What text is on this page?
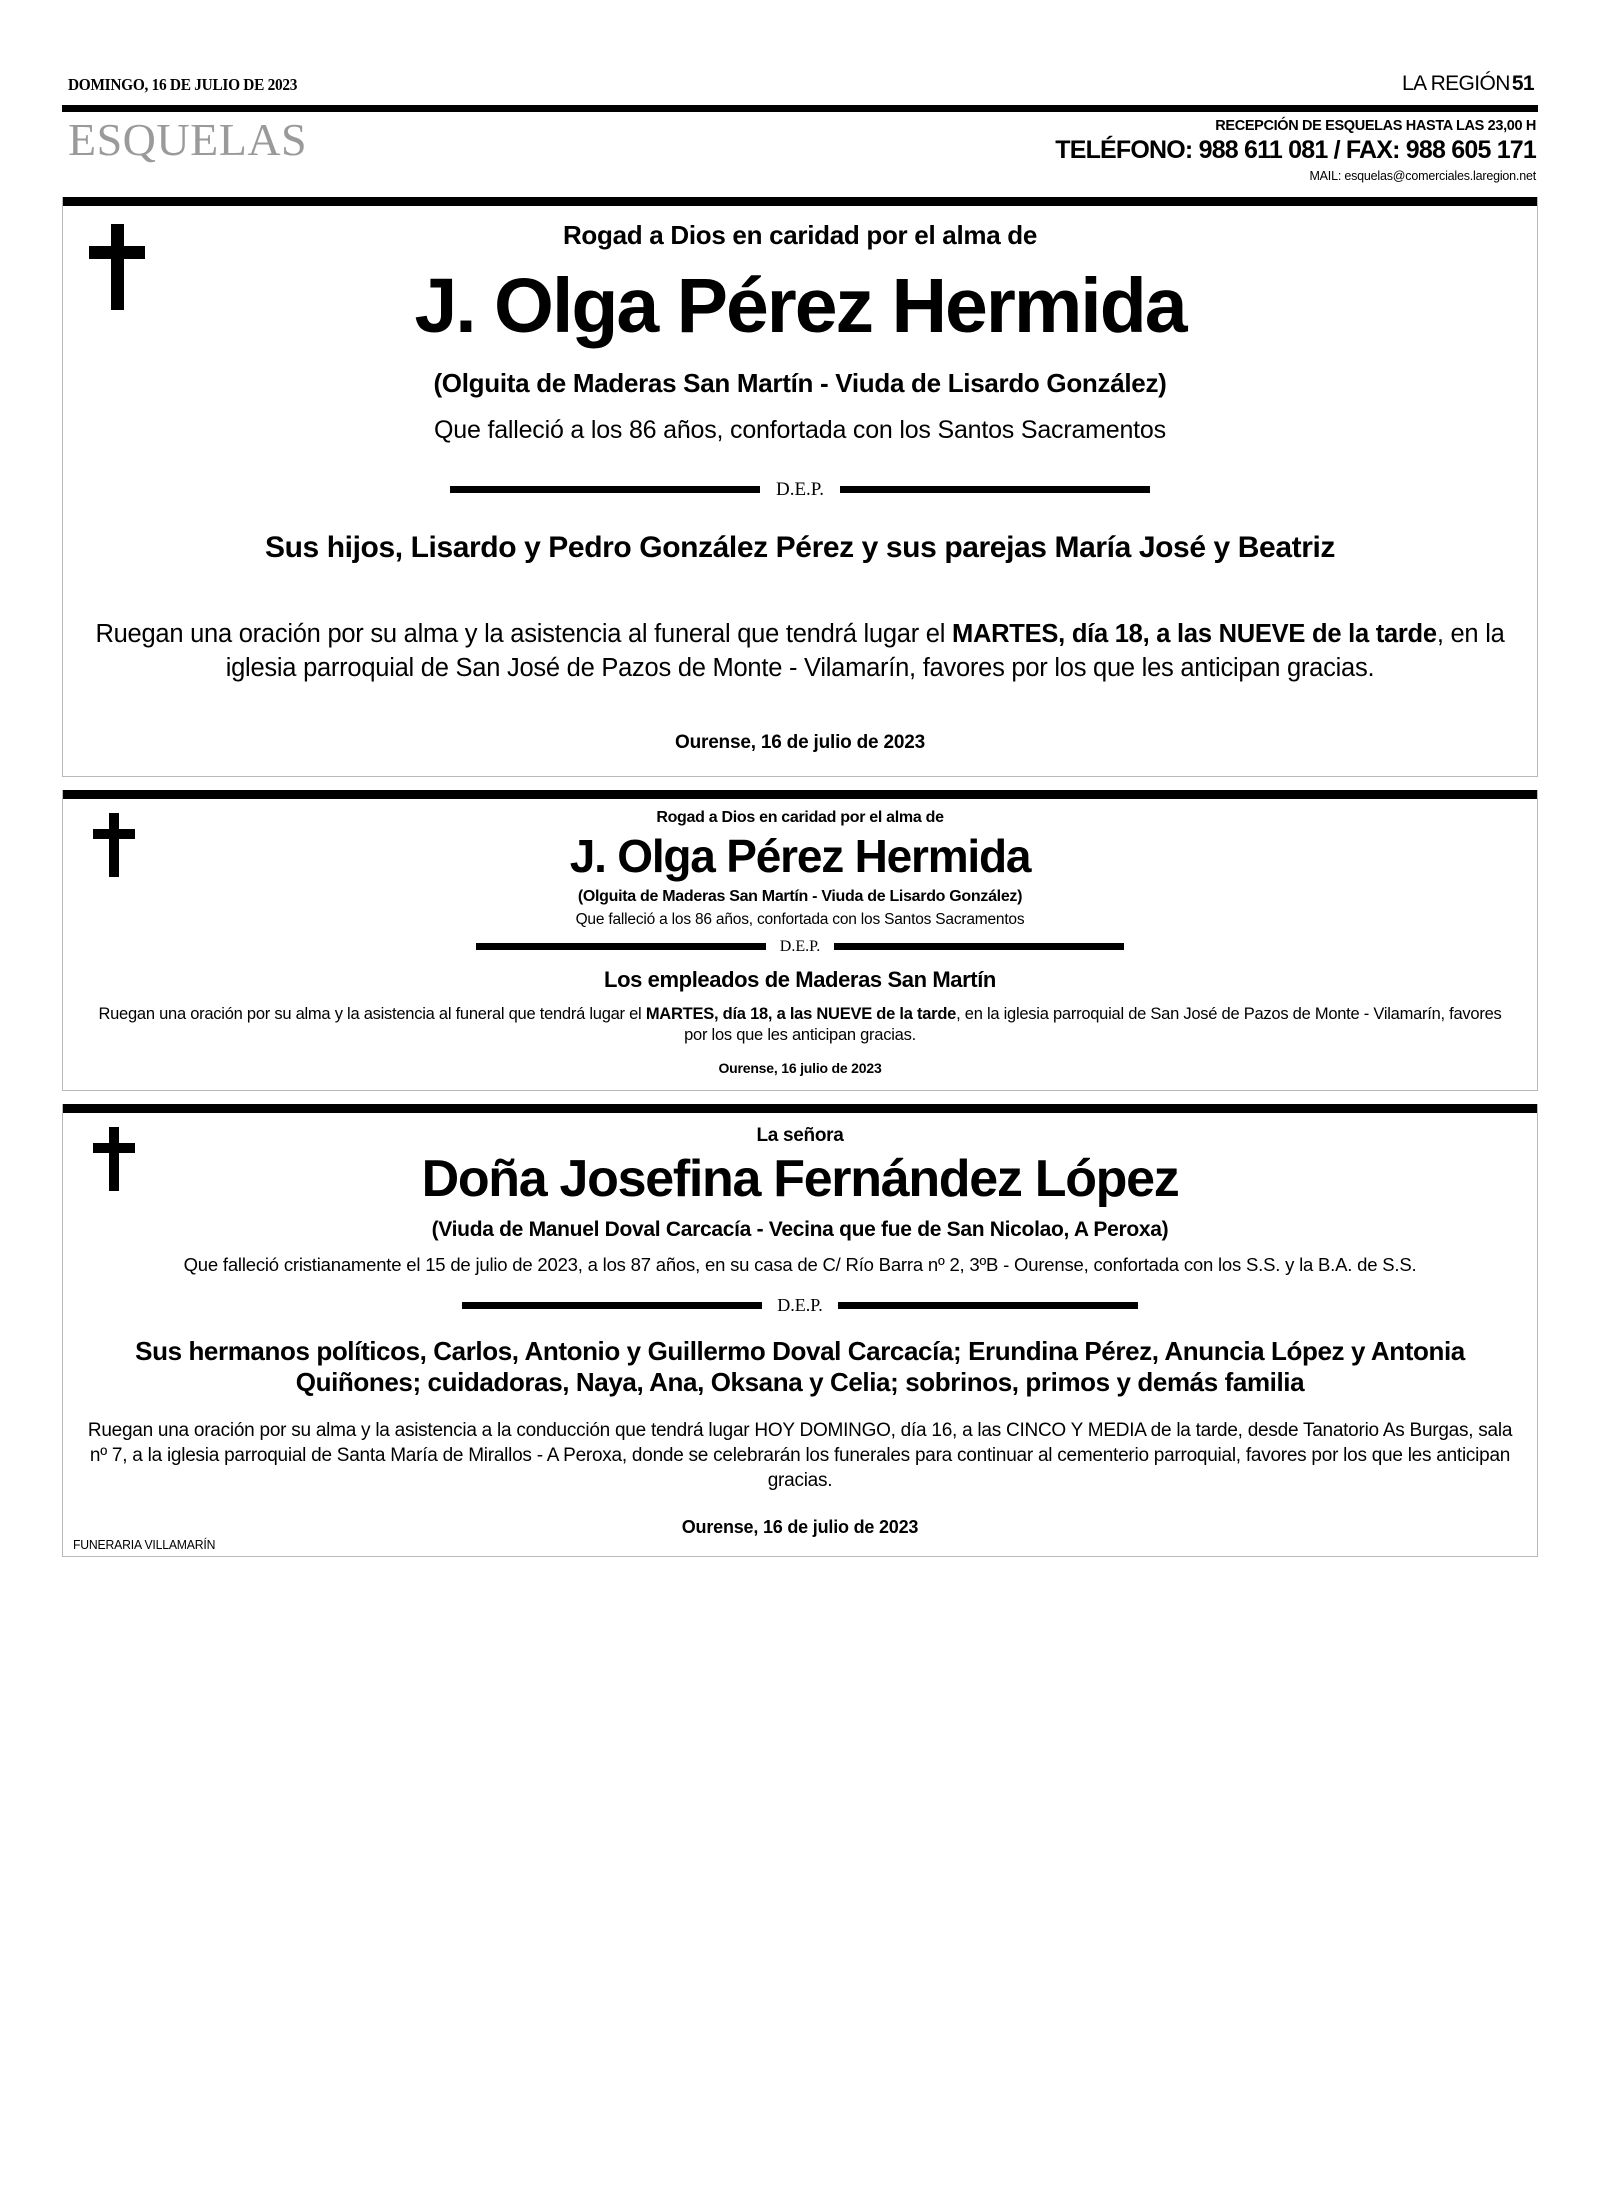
DOMINGO, 16 DE JULIO DE 2023	LA REGIÓN51
ESQUELAS	RECEPCIÓN DE ESQUELAS HASTA LAS 23,00 H
TELÉFONO: 988 611 081 / FAX: 988 605 171
MAIL: esquelas@comerciales.laregion.net
Rogad a Dios en caridad por el alma de
J. Olga Pérez Hermida
(Olguita de Maderas San Martín - Viuda de Lisardo González)
Que falleció a los 86 años, confortada con los Santos Sacramentos
D.E.P.
Sus hijos, Lisardo y Pedro González Pérez y sus parejas María José y Beatriz
Ruegan una oración por su alma y la asistencia al funeral que tendrá lugar el MARTES, día 18, a las NUEVE de la tarde, en la iglesia parroquial de San José de Pazos de Monte - Vilamarín, favores por los que les anticipan gracias.
Ourense, 16 de julio de 2023
Rogad a Dios en caridad por el alma de
J. Olga Pérez Hermida
(Olguita de Maderas San Martín - Viuda de Lisardo González)
Que falleció a los 86 años, confortada con los Santos Sacramentos
D.E.P.
Los empleados de Maderas San Martín
Ruegan una oración por su alma y la asistencia al funeral que tendrá lugar el MARTES, día 18, a las NUEVE de la tarde, en la iglesia parroquial de San José de Pazos de Monte - Vilamarín, favores por los que les anticipan gracias.
Ourense, 16 julio de 2023
La señora
Doña Josefina Fernández López
(Viuda de Manuel Doval Carcacía - Vecina que fue de San Nicolao, A Peroxa)
Que falleció cristianamente el 15 de julio de 2023, a los 87 años, en su casa de C/ Río Barra nº 2, 3ºB - Ourense, confortada con los S.S. y la B.A. de S.S.
D.E.P.
Sus hermanos políticos, Carlos, Antonio y Guillermo Doval Carcacía; Erundina Pérez, Anuncia López y Antonia Quiñones; cuidadoras, Naya, Ana, Oksana y Celia; sobrinos, primos y demás familia
Ruegan una oración por su alma y la asistencia a la conducción que tendrá lugar HOY DOMINGO, día 16, a las CINCO Y MEDIA de la tarde, desde Tanatorio As Burgas, sala nº 7, a la iglesia parroquial de Santa María de Mirallos - A Peroxa, donde se celebrarán los funerales para continuar al cementerio parroquial, favores por los que les anticipan gracias.
Ourense, 16 de julio de 2023
FUNERARIA VILLAMARÍN
